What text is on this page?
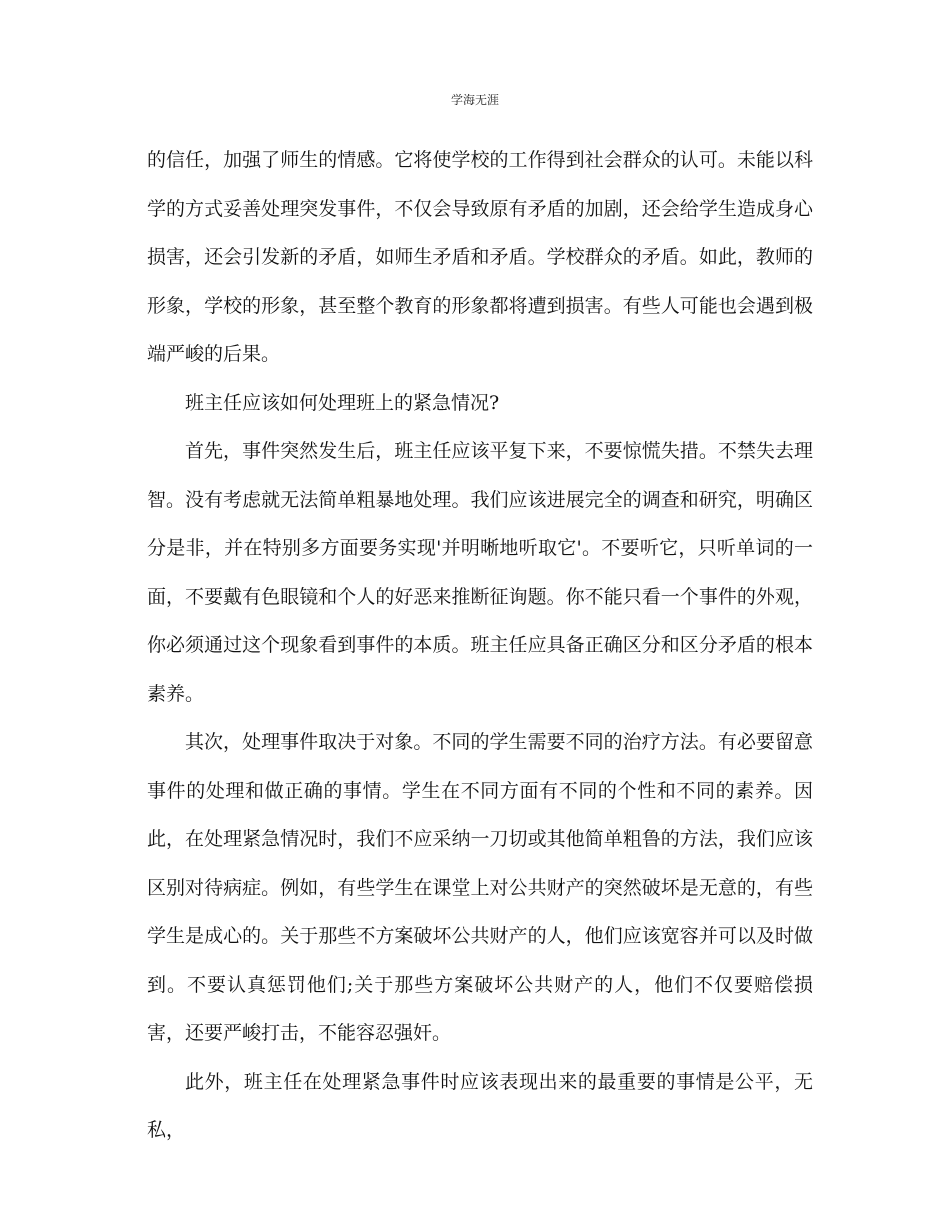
学海无涯

的信任，加强了师生的情感。它将使学校的工作得到社会群众的认可。未能以科学的方式妥善处理突发事件，不仅会导致原有矛盾的加剧，还会给学生造成身心损害，还会引发新的矛盾，如师生矛盾和矛盾。学校群众的矛盾。如此，教师的形象，学校的形象，甚至整个教育的形象都将遭到损害。有些人可能也会遇到极端严峻的后果。

班主任应该如何处理班上的紧急情况?

首先，事件突然发生后，班主任应该平复下来，不要惊慌失措。不禁失去理智。没有考虑就无法简单粗暴地处理。我们应该进展完全的调查和研究，明确区分是非，并在特别多方面要务实现'并明晰地听取它'。不要听它，只听单词的一面，不要戴有色眼镜和个人的好恶来推断征询题。你不能只看一个事件的外观，你必须通过这个现象看到事件的本质。班主任应具备正确区分和区分矛盾的根本素养。

其次，处理事件取决于对象。不同的学生需要不同的治疗方法。有必要留意事件的处理和做正确的事情。学生在不同方面有不同的个性和不同的素养。因此，在处理紧急情况时，我们不应采纳一刀切或其他简单粗鲁的方法，我们应该区别对待病症。例如，有些学生在课堂上对公共财产的突然破坏是无意的，有些学生是成心的。关于那些不方案破坏公共财产的人，他们应该宽容并可以及时做到。不要认真惩罚他们;关于那些方案破坏公共财产的人，他们不仅要赔偿损害，还要严峻打击，不能容忍强奸。

此外，班主任在处理紧急事件时应该表现出来的最重要的事情是公平，无私，
